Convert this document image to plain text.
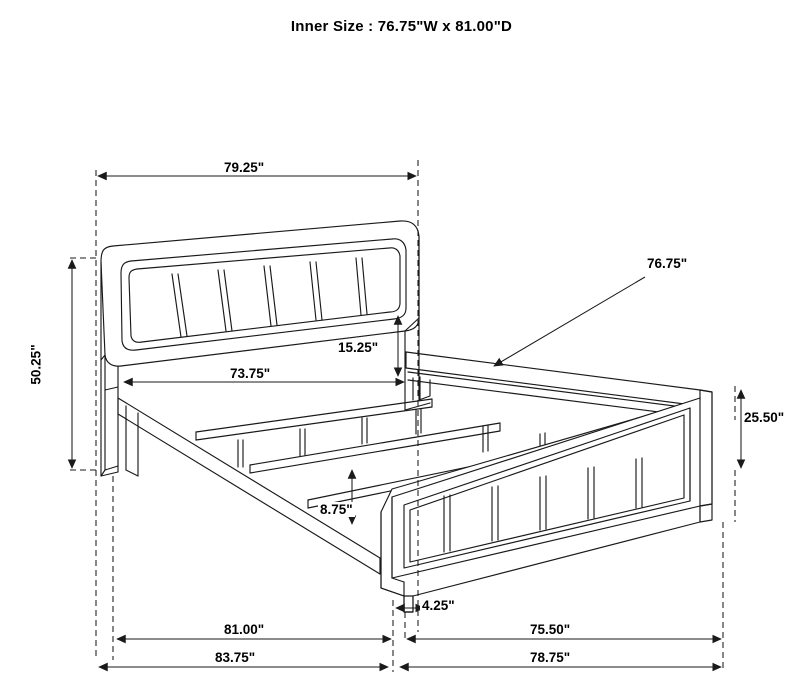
Inner Size : 76.75"W x 81.00"D
79.25"
50.25"	73.75"
15.25"
76.75"
25.50"
8.75"
4.25"
81.00"
83.75"
75.50"
78.75"
